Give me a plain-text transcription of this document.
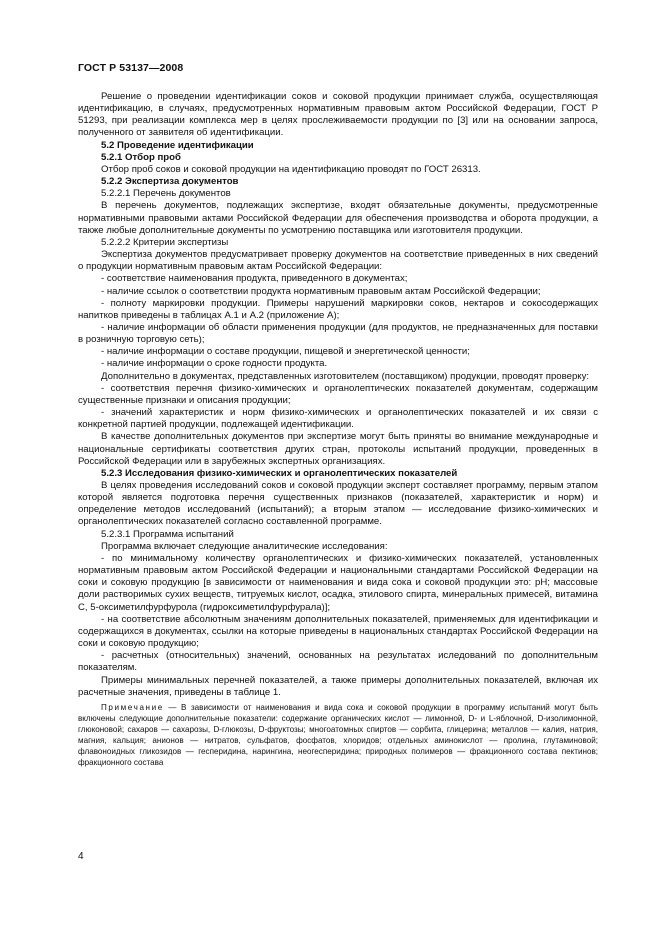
ГОСТ Р 53137—2008

Решение о проведении идентификации соков и соковой продукции принимает служба, осуществляющая идентификацию, в случаях, предусмотренных нормативным правовым актом Российской Федерации, ГОСТ Р 51293, при реализации комплекса мер в целях прослеживаемости продукции по [3] или на основании запроса, полученного от заявителя об идентификации.

5.2 Проведение идентификации

5.2.1 Отбор проб

Отбор проб соков и соковой продукции на идентификацию проводят по ГОСТ 26313.

5.2.2 Экспертиза документов

5.2.2.1 Перечень документов

В перечень документов, подлежащих экспертизе, входят обязательные документы, предусмотренные нормативными правовыми актами Российской Федерации для обеспечения производства и оборота продукции, а также любые дополнительные документы по усмотрению поставщика или изготовителя продукции.

5.2.2.2 Критерии экспертизы

Экспертиза документов предусматривает проверку документов на соответствие приведенных в них сведений о продукции нормативным правовым актам Российской Федерации:

- соответствие наименования продукта, приведенного в документах;

- наличие ссылок о соответствии продукта нормативным правовым актам Российской Федерации;

- полноту маркировки продукции. Примеры нарушений маркировки соков, нектаров и сокосодержащих напитков приведены в таблицах А.1 и А.2 (приложение А);

- наличие информации об области применения продукции (для продуктов, не предназначенных для поставки в розничную торговую сеть);

- наличие информации о составе продукции, пищевой и энергетической ценности;

- наличие информации о сроке годности продукта.

Дополнительно в документах, представленных изготовителем (поставщиком) продукции, проводят проверку:

- соответствия перечня физико-химических и органолептических показателей документам, содержащим существенные признаки и описания продукции;

- значений характеристик и норм физико-химических и органолептических показателей и их связи с конкретной партией продукции, подлежащей идентификации.

В качестве дополнительных документов при экспертизе могут быть приняты во внимание международные и национальные сертификаты соответствия других стран, протоколы испытаний продукции, проведенных в Российской Федерации или в зарубежных экспертных организациях.

5.2.3 Исследования физико-химических и органолептических показателей

В целях проведения исследований соков и соковой продукции эксперт составляет программу, первым этапом которой является подготовка перечня существенных признаков (показателей, характеристик и норм) и определение методов исследований (испытаний); а вторым этапом — исследование физико-химических и органолептических показателей согласно составленной программе.

5.2.3.1 Программа испытаний

Программа включает следующие аналитические исследования:

- по минимальному количеству органолептических и физико-химических показателей, установленных нормативным правовым актом Российской Федерации и национальными стандартами Российской Федерации на соки и соковую продукцию [в зависимости от наименования и вида сока и соковой продукции это: pH; массовые доли растворимых сухих веществ, титруемых кислот, осадка, этилового спирта, минеральных примесей, витамина С, 5-оксиметилфурфурола (гидроксиметилфурфурала)];

- на соответствие абсолютным значениям дополнительных показателей, применяемых для идентификации и содержащихся в документах, ссылки на которые приведены в национальных стандартах Российской Федерации на соки и соковую продукцию;

- расчетных (относительных) значений, основанных на результатах иследований по дополнительным показателям.

Примеры минимальных перечней показателей, а также примеры дополнительных показателей, включая их расчетные значения, приведены в таблице 1.

Примечание — В зависимости от наименования и вида сока и соковой продукции в программу испытаний могут быть включены следующие дополнительные показатели: содержание органических кислот — лимонной, D- и L-яблочной, D-изолимонной, глюконовой; сахаров — сахарозы, D-глюкозы, D-фруктозы; многоатомных спиртов — сорбита, глицерина; металлов — калия, натрия, магния, кальция; анионов — нитратов, сульфатов, фосфатов, хлоридов; отдельных аминокислот — пролина, глутаминовой; флавоноидных гликозидов — гесперидина, нарингина, неогесперидина; природных полимеров — фракционного состава пектинов; фракционного состава

4
